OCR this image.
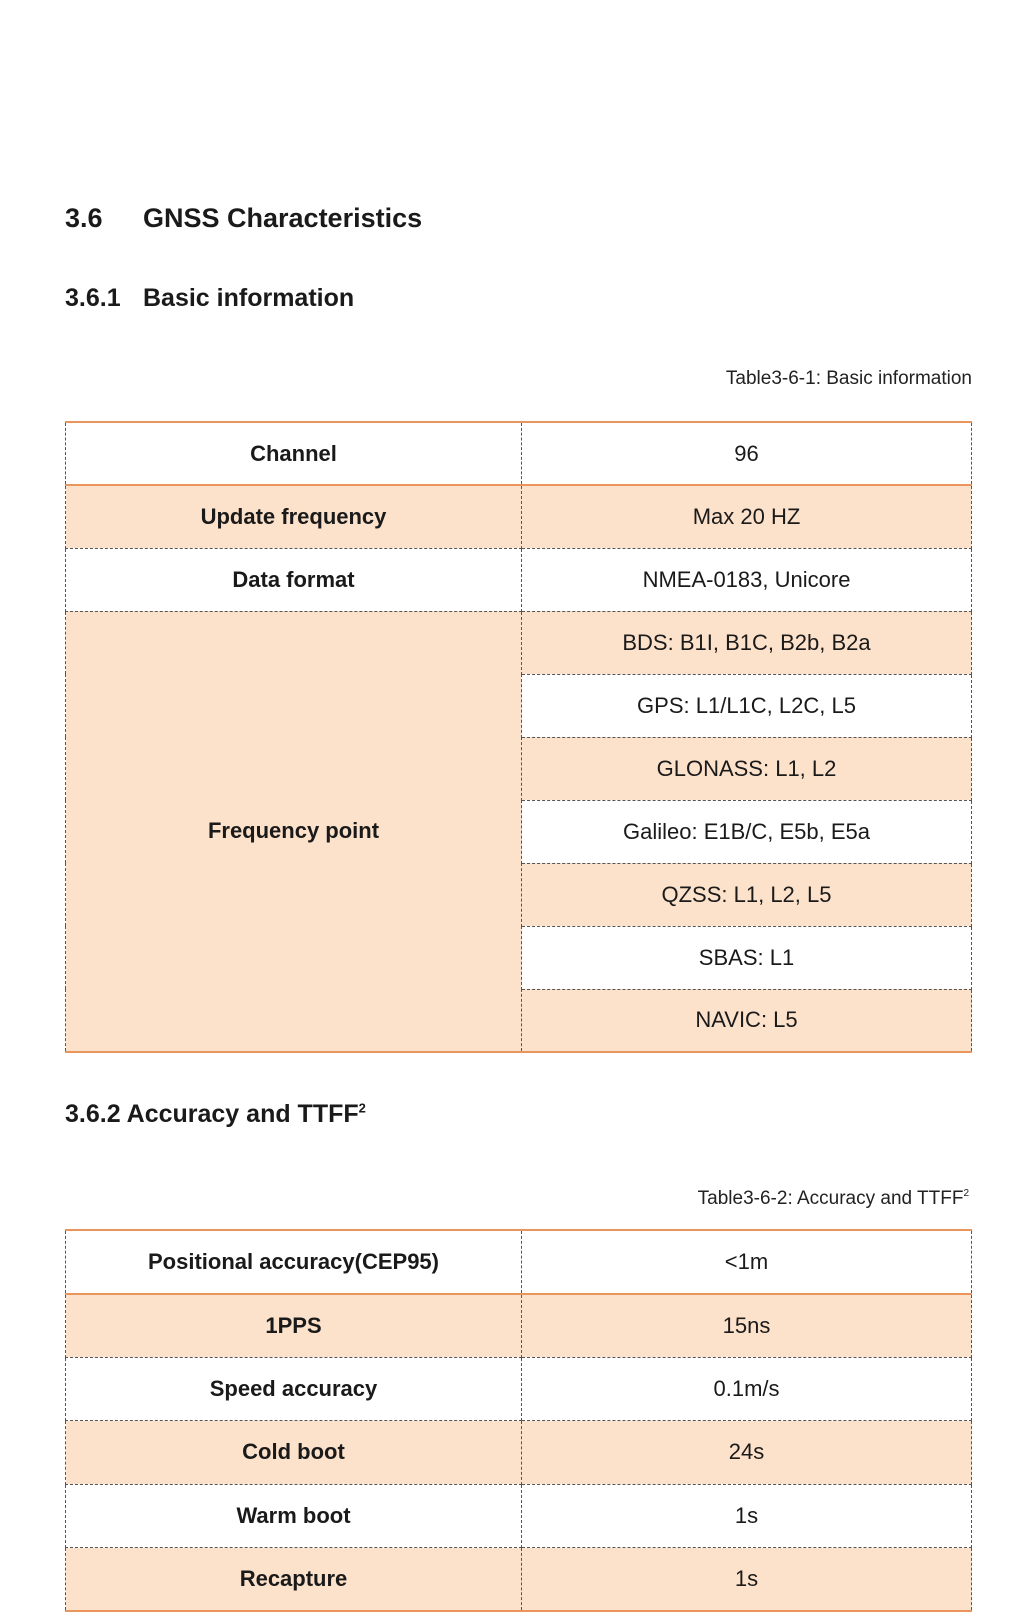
3.6 GNSS Characteristics
3.6.1 Basic information
Table3-6-1: Basic information
Channel	96
Update frequency	Max 20 HZ
Data format	NMEA-0183, Unicore
Frequency point	BDS: B1I, B1C, B2b, B2a
	GPS: L1/L1C, L2C, L5
	GLONASS: L1, L2
	Galileo: E1B/C, E5b, E5a
	QZSS: L1, L2, L5
	SBAS: L1
	NAVIC: L5
3.6.2 Accuracy and TTFF$^2$
Table3-6-2: Accuracy and TTFF$^2$
Positional accuracy(CEP95)	<1m
1PPS	15ns
Speed accuracy	0.1m/s
Cold boot	24s
Warm boot	1s
Recapture	1s
